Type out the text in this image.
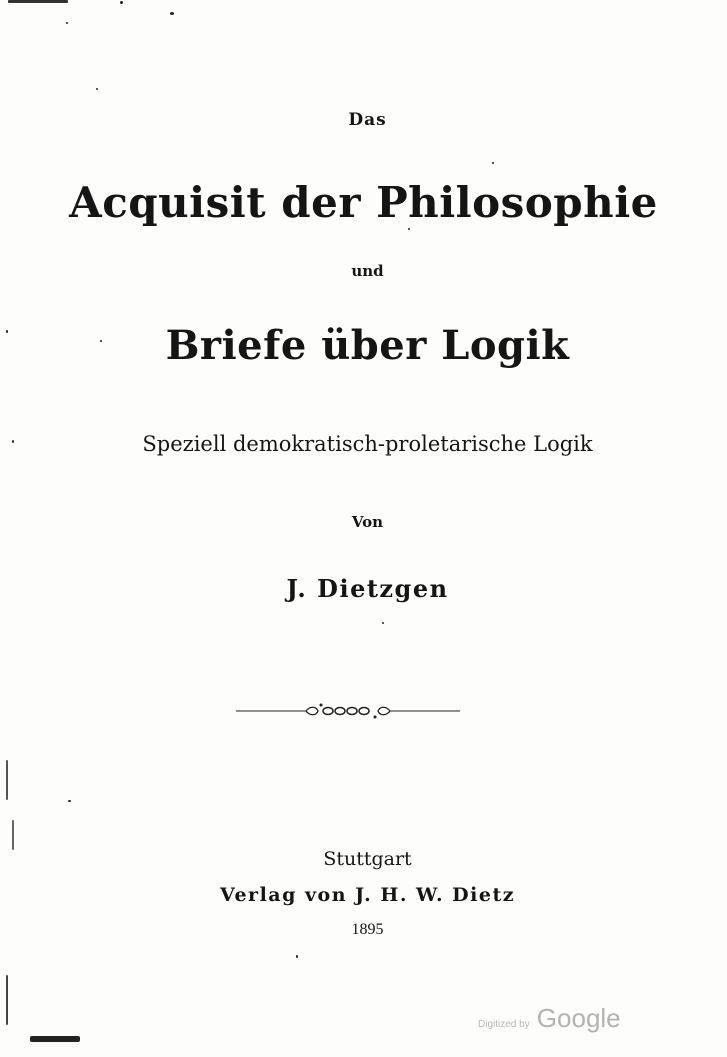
Das
Acquisit der Philosophie
und
Briefe über Logik
Speziell demokratisch-proletarische Logik
Von
J. Dietzgen
Stuttgart
Verlag von J. H. W. Dietz
1895
Digitized by Google
